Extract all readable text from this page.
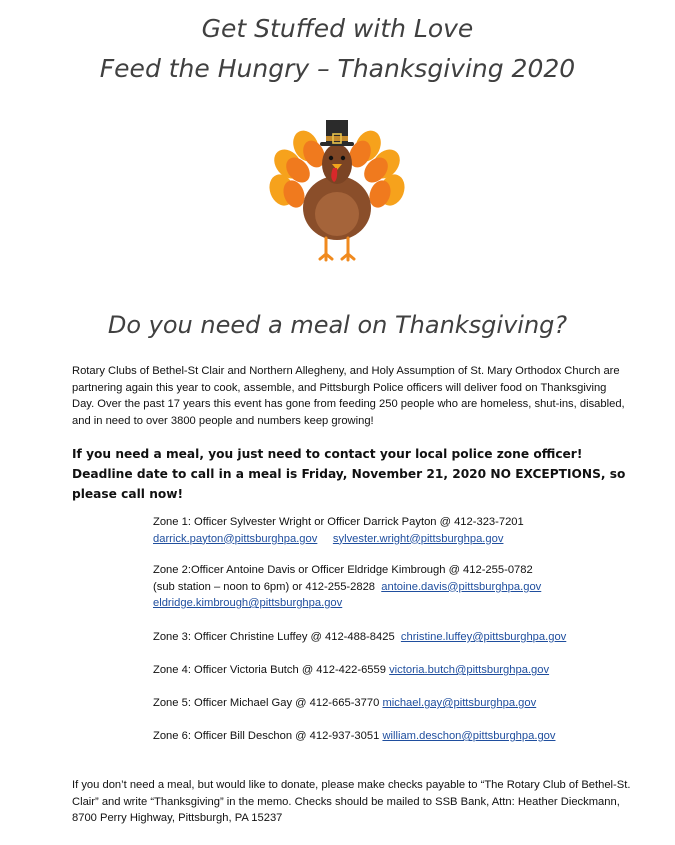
Get Stuffed with Love
Feed the Hungry – Thanksgiving 2020
Do you need a meal on Thanksgiving?
Rotary Clubs of Bethel-St Clair and Northern Allegheny, and Holy Assumption of St. Mary Orthodox Church are partnering again this year to cook, assemble, and Pittsburgh Police officers will deliver food on Thanksgiving Day. Over the past 17 years this event has gone from feeding 250 people who are homeless, shut-ins, disabled, and in need to over 3800 people and numbers keep growing!
If you need a meal, you just need to contact your local police zone officer! Deadline date to call in a meal is Friday, November 21, 2020 NO EXCEPTIONS, so please call now!
Zone 1: Officer Sylvester Wright or Officer Darrick Payton @ 412-323-7201
darrick.payton@pittsburghpa.gov sylvester.wright@pittsburghpa.gov
Zone 2:Officer Antoine Davis or Officer Eldridge Kimbrough @ 412-255-0782
(sub station – noon to 6pm) or 412-255-2828 antoine.davis@pittsburghpa.gov
eldridge.kimbrough@pittsburghpa.gov
Zone 3: Officer Christine Luffey @ 412-488-8425 christine.luffey@pittsburghpa.gov
Zone 4: Officer Victoria Butch @ 412-422-6559 victoria.butch@pittsburghpa.gov
Zone 5: Officer Michael Gay @ 412-665-3770 michael.gay@pittsburghpa.gov
Zone 6: Officer Bill Deschon @ 412-937-3051 william.deschon@pittsburghpa.gov
If you don’t need a meal, but would like to donate, please make checks payable to “The Rotary Club of Bethel-St. Clair” and write “Thanksgiving” in the memo. Checks should be mailed to SSB Bank, Attn: Heather Dieckmann, 8700 Perry Highway, Pittsburgh, PA 15237
